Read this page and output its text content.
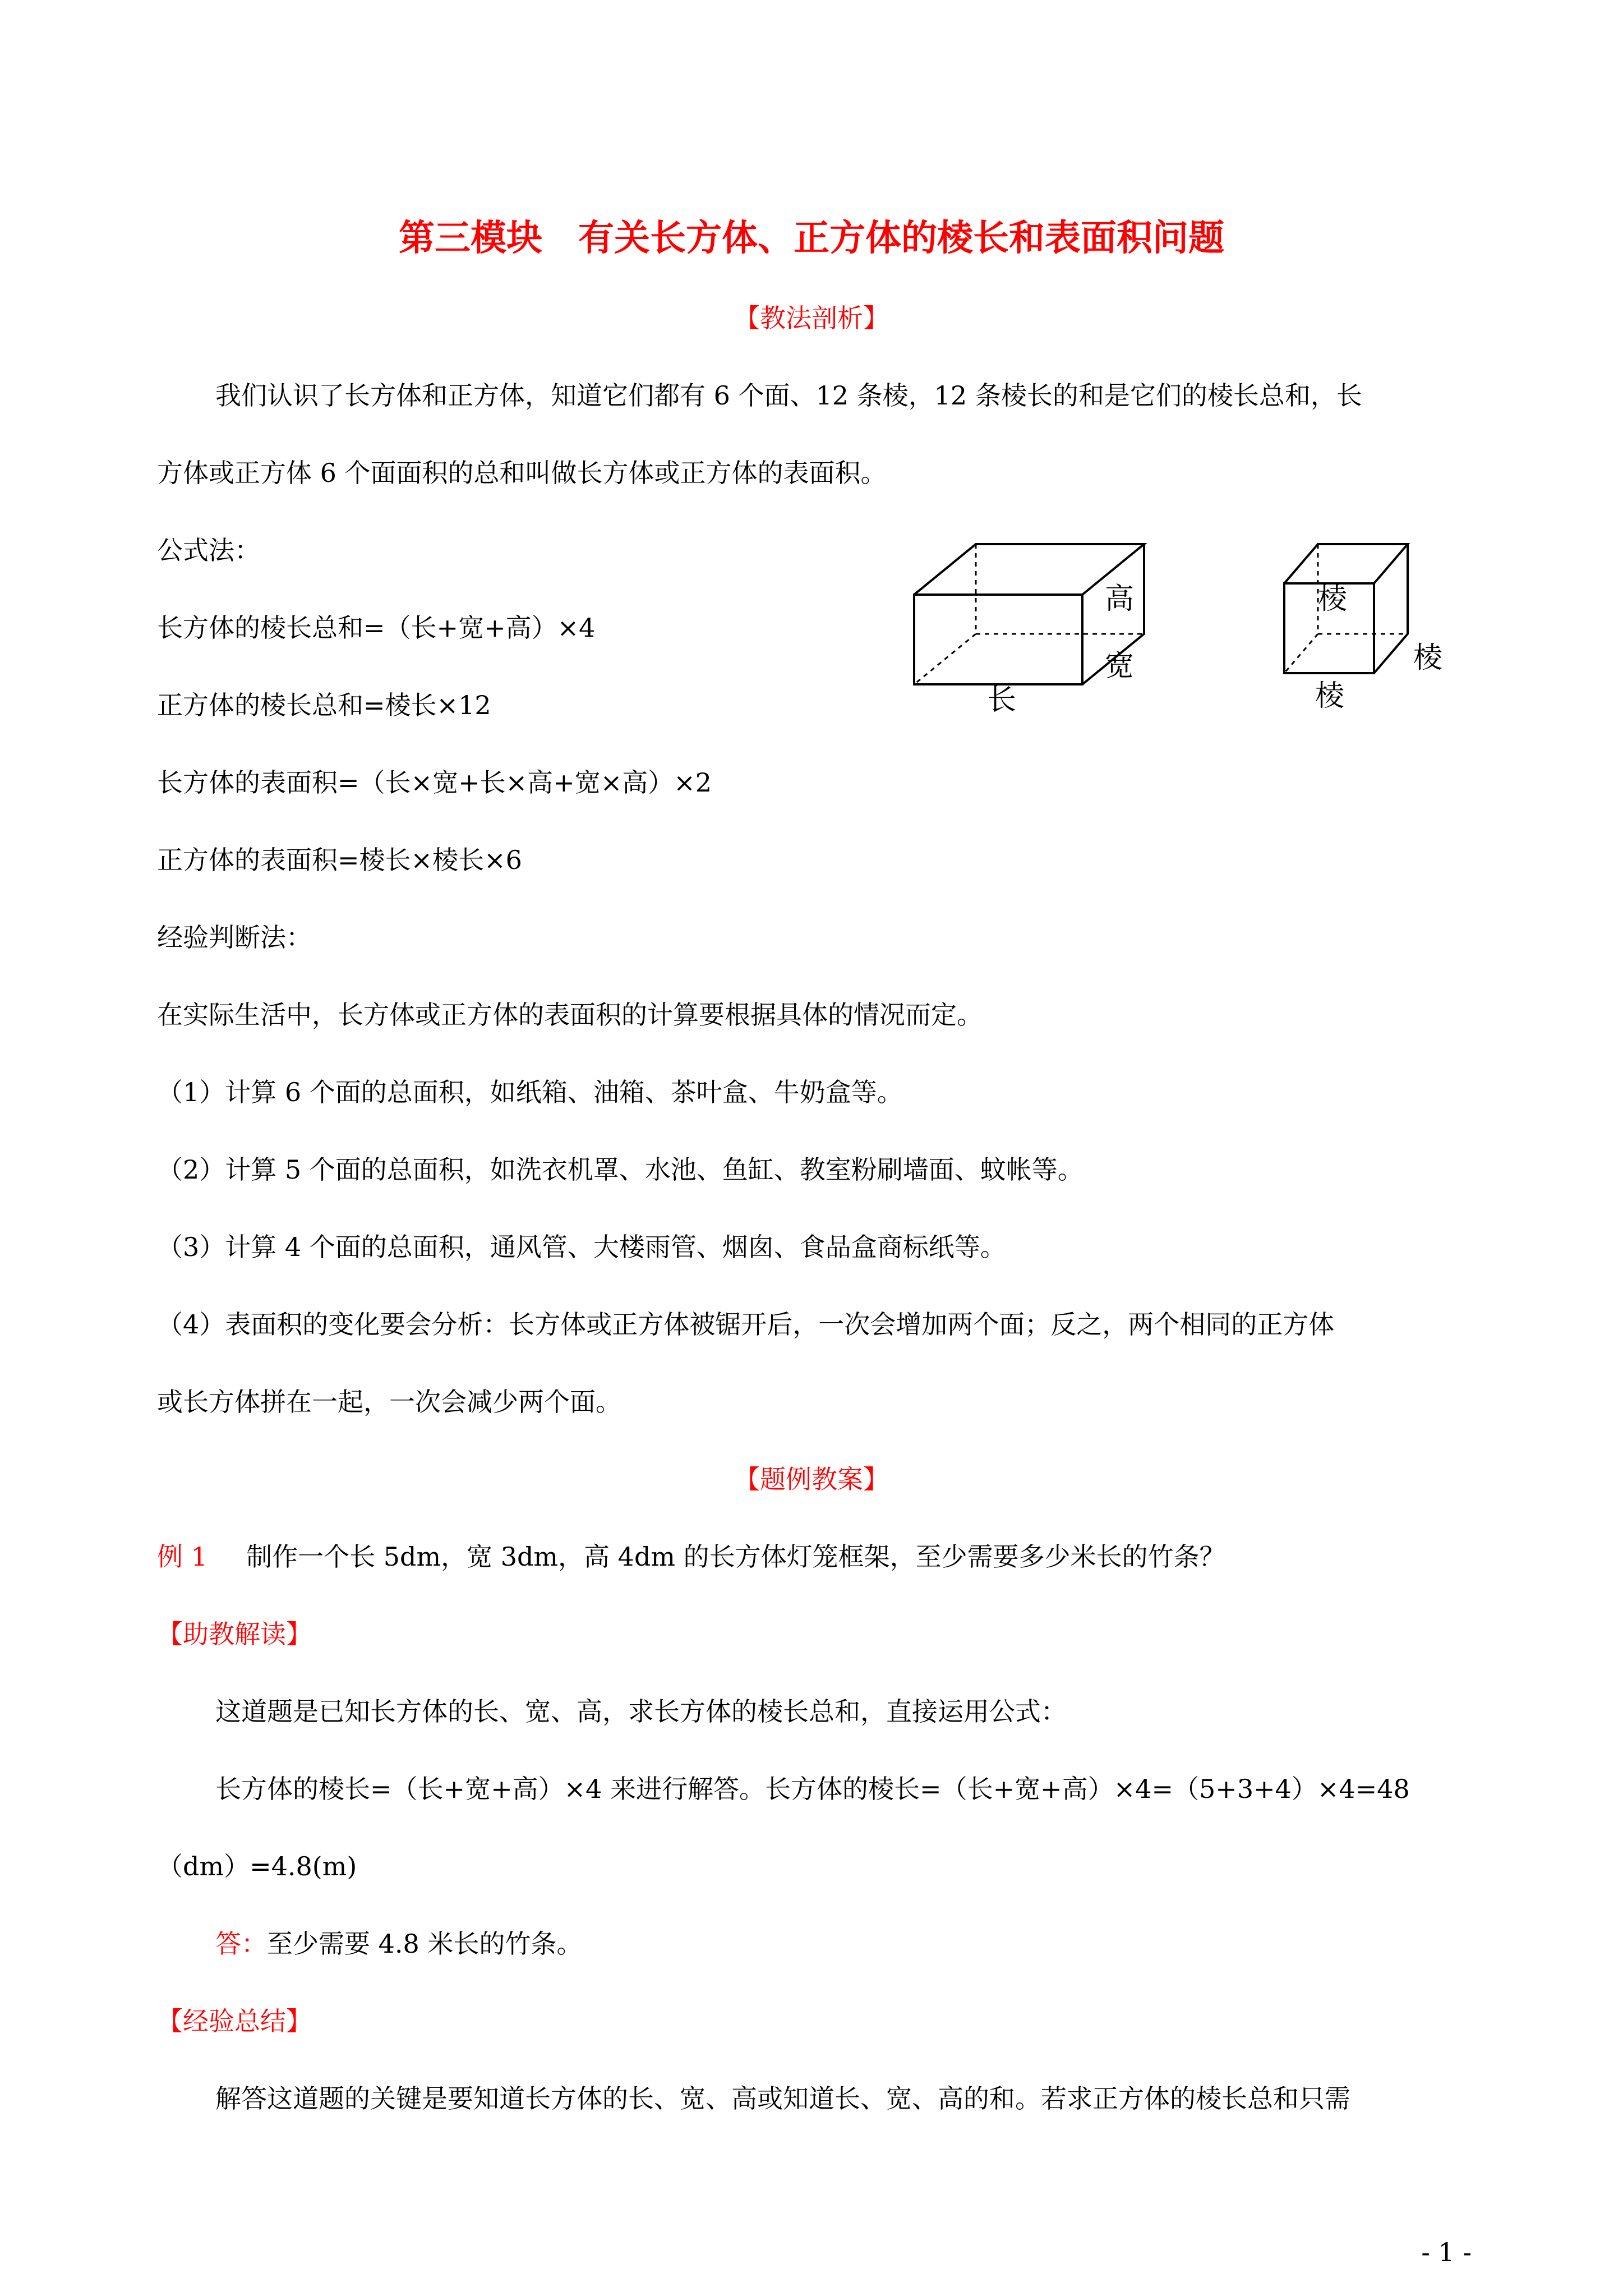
第三模块　有关长方体、正方体的棱长和表面积问题
【教法剖析】
我们认识了长方体和正方体，知道它们都有 6 个面、12 条棱，12 条棱长的和是它们的棱长总和，长
方体或正方体 6 个面面积的总和叫做长方体或正方体的表面积。
公式法：
长方体的棱长总和=（长+宽+高）×4
正方体的棱长总和=棱长×12
长方体的表面积=（长×宽+长×高+宽×高）×2
正方体的表面积=棱长×棱长×6
高
宽
长
棱
棱
棱
经验判断法：
在实际生活中，长方体或正方体的表面积的计算要根据具体的情况而定。
（1）计算 6 个面的总面积，如纸箱、油箱、茶叶盒、牛奶盒等。
（2）计算 5 个面的总面积，如洗衣机罩、水池、鱼缸、教室粉刷墙面、蚊帐等。
（3）计算 4 个面的总面积，通风管、大楼雨管、烟囱、食品盒商标纸等。
（4）表面积的变化要会分析：长方体或正方体被锯开后，一次会增加两个面；反之，两个相同的正方体
或长方体拼在一起，一次会减少两个面。
【题例教案】
例 1 制作一个长 5dm，宽 3dm，高 4dm 的长方体灯笼框架，至少需要多少米长的竹条？
【助教解读】
这道题是已知长方体的长、宽、高，求长方体的棱长总和，直接运用公式：
长方体的棱长=（长+宽+高）×4 来进行解答。长方体的棱长=（长+宽+高）×4=（5+3+4）×4=48
（dm）=4.8(m)
答：至少需要 4.8 米长的竹条。
【经验总结】
解答这道题的关键是要知道长方体的长、宽、高或知道长、宽、高的和。若求正方体的棱长总和只需
- 1 -
